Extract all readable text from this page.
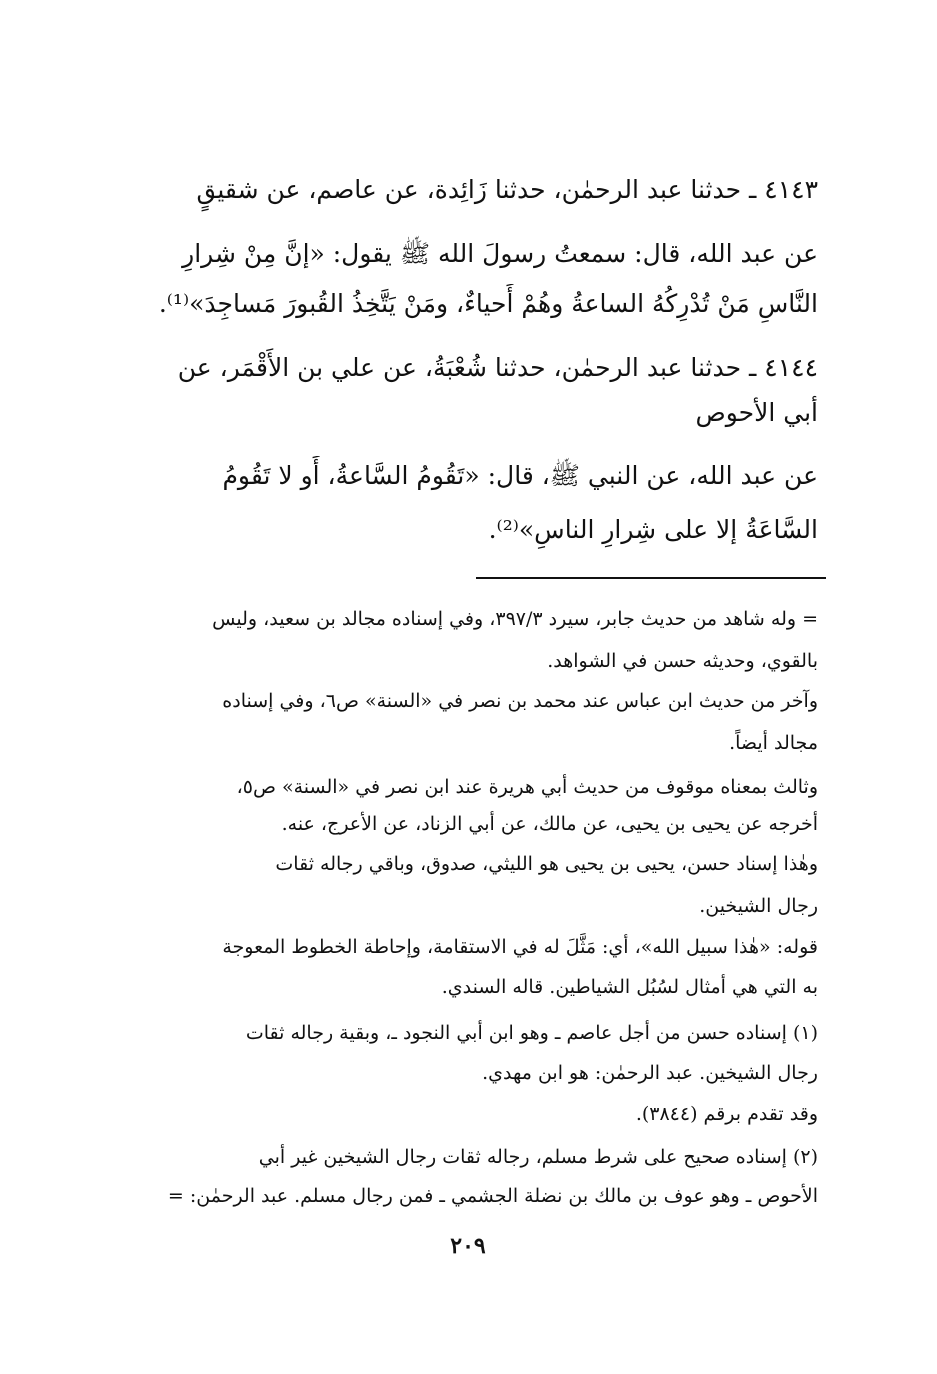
٤١٤٣ ـ حدثنا عبد الرحمٰن، حدثنا زَائِدة، عن عاصم، عن شقيقٍ
عن عبد الله، قال: سمعتُ رسولَ الله ﷺ يقول: «إنَّ مِنْ شِرارِ
النَّاسِ مَنْ تُدْرِكُهُ الساعةُ وهُمْ أَحياءٌ، ومَنْ يَتَّخِذُ القُبورَ مَساجِدَ»⁽¹⁾.
٤١٤٤ ـ حدثنا عبد الرحمٰن، حدثنا شُعْبَةُ، عن علي بن الأَقْمَر، عن
أبي الأحوص
عن عبد الله، عن النبي ﷺ، قال: «تَقُومُ السَّاعةُ، أَو لا تَقُومُ
السَّاعَةُ إلا على شِرارِ الناسِ»⁽²⁾.
= وله شاهد من حديث جابر، سيرد ٣٩٧/٣، وفي إسناده مجالد بن سعيد، وليس
بالقوي، وحديثه حسن في الشواهد.
وآخر من حديث ابن عباس عند محمد بن نصر في «السنة» ص٦، وفي إسناده
مجالد أيضاً.
وثالث بمعناه موقوف من حديث أبي هريرة عند ابن نصر في «السنة» ص٥،
أخرجه عن يحيى بن يحيى، عن مالك، عن أبي الزناد، عن الأعرج، عنه.
وهٰذا إسناد حسن، يحيى بن يحيى هو الليثي، صدوق، وباقي رجاله ثقات
رجال الشيخين.
قوله: «هٰذا سبيل الله»، أي: مَثَّلَ له في الاستقامة، وإحاطة الخطوط المعوجة
به التي هي أمثال لسُبُل الشياطين. قاله السندي.
(١) إسناده حسن من أجل عاصم ـ وهو ابن أبي النجود ـ، وبقية رجاله ثقات
رجال الشيخين. عبد الرحمٰن: هو ابن مهدي.
وقد تقدم برقم (٣٨٤٤).
(٢) إسناده صحيح على شرط مسلم، رجاله ثقات رجال الشيخين غير أبي
الأحوص ـ وهو عوف بن مالك بن نضلة الجشمي ـ فمن رجال مسلم. عبد الرحمٰن: =
٢٠٩
